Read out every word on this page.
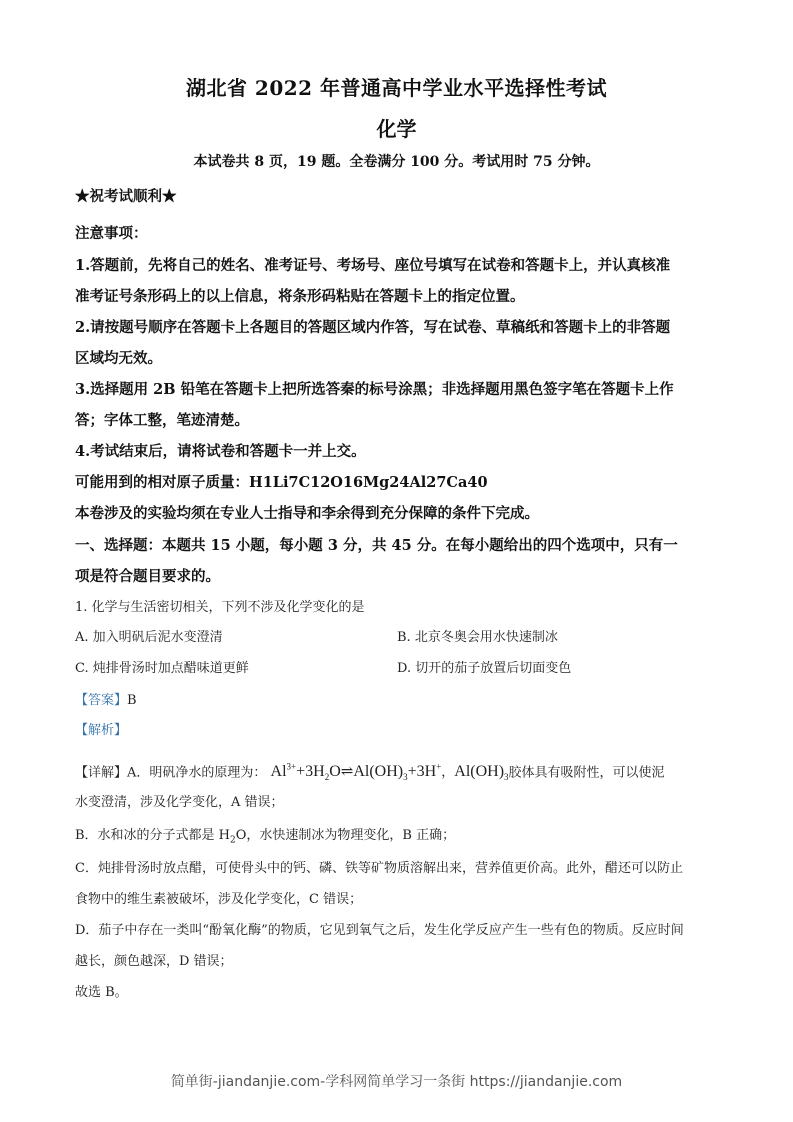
湖北省 2022 年普通高中学业水平选择性考试
化学
本试卷共 8 页，19 题。全卷满分 100 分。考试用时 75 分钟。
★祝考试顺利★
注意事项：
1.答题前，先将自己的姓名、准考证号、考场号、座位号填写在试卷和答题卡上，并认真核准
准考证号条形码上的以上信息，将条形码粘贴在答题卡上的指定位置。
2.请按题号顺序在答题卡上各题目的答题区域内作答，写在试卷、草稿纸和答题卡上的非答题
区域均无效。
3.选择题用 2B 铅笔在答题卡上把所选答秦的标号涂黑；非选择题用黑色签字笔在答题卡上作
答；字体工整，笔迹清楚。
4.考试结束后，请将试卷和答题卡一并上交。
可能用到的相对原子质量：H1Li7C12O16Mg24Al27Ca40
本卷涉及的实验均须在专业人士指导和李余得到充分保障的条件下完成。
一、选择题：本题共 15 小题，每小题 3 分，共 45 分。在每小题给出的四个选项中，只有一
项是符合题目要求的。
1. 化学与生活密切相关，下列不涉及化学变化的是
A. 加入明矾后泥水变澄清	B. 北京冬奥会用水快速制冰
C. 炖排骨汤时加点醋味道更鲜	D. 切开的茄子放置后切面变色
【答案】B
【解析】
【详解】A．明矾净水的原理为： $Al^{3+}+3H_2O\rightleftharpoons Al(OH)_3+3H^+$，$Al(OH)_3$胶体具有吸附性，可以使泥
水变澄清，涉及化学变化，A 错误；
B．水和冰的分子式都是 $H_2O$，水快速制冰为物理变化，B 正确；
C．炖排骨汤时放点醋，可使骨头中的钙、磷、铁等矿物质溶解出来，营养值更价高。此外，醋还可以防止
食物中的维生素被破坏，涉及化学变化，C 错误；
D．茄子中存在一类叫“酚氧化酶”的物质，它见到氧气之后，发生化学反应产生一些有色的物质。反应时间
越长，颜色越深，D 错误；
故选 B。
简单街-jiandanjie.com-学科网简单学习一条街 https://jiandanjie.com
